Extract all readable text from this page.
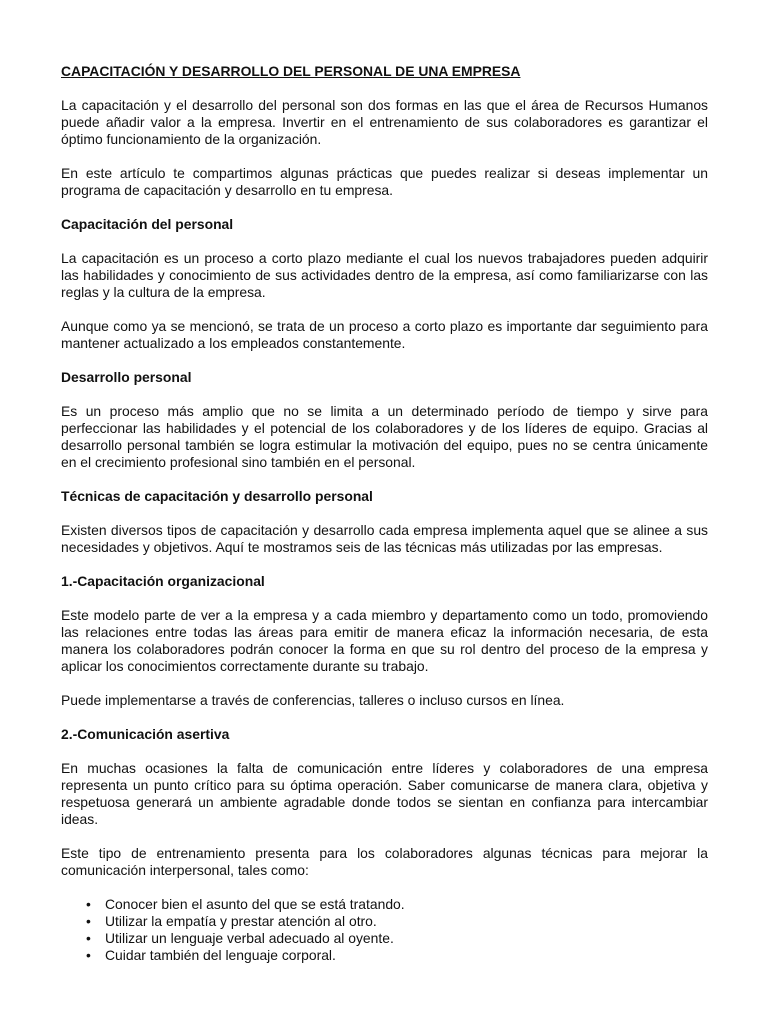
CAPACITACIÓN Y DESARROLLO DEL PERSONAL DE UNA EMPRESA

La capacitación y el desarrollo del personal son dos formas en las que el área de Recursos Humanos puede añadir valor a la empresa. Invertir en el entrenamiento de sus colaboradores es garantizar el óptimo funcionamiento de la organización.

En este artículo te compartimos algunas prácticas que puedes realizar si deseas implementar un programa de capacitación y desarrollo en tu empresa.

Capacitación del personal

La capacitación es un proceso a corto plazo mediante el cual los nuevos trabajadores pueden adquirir las habilidades y conocimiento de sus actividades dentro de la empresa, así como familiarizarse con las reglas y la cultura de la empresa.

Aunque como ya se mencionó, se trata de un proceso a corto plazo es importante dar seguimiento para mantener actualizado a los empleados constantemente.

Desarrollo personal

Es un proceso más amplio que no se limita a un determinado período de tiempo y sirve para perfeccionar las habilidades y el potencial de los colaboradores y de los líderes de equipo. Gracias al desarrollo personal también se logra estimular la motivación del equipo, pues no se centra únicamente en el crecimiento profesional sino también en el personal.

Técnicas de capacitación y desarrollo personal

Existen diversos tipos de capacitación y desarrollo cada empresa implementa aquel que se alinee a sus necesidades y objetivos. Aquí te mostramos seis de las técnicas más utilizadas por las empresas.

1.-Capacitación organizacional

Este modelo parte de ver a la empresa y a cada miembro y departamento como un todo, promoviendo las relaciones entre todas las áreas para emitir de manera eficaz la información necesaria, de esta manera los colaboradores podrán conocer la forma en que su rol dentro del proceso de la empresa y aplicar los conocimientos correctamente durante su trabajo.

Puede implementarse a través de conferencias, talleres o incluso cursos en línea.

2.-Comunicación asertiva

En muchas ocasiones la falta de comunicación entre líderes y colaboradores de una empresa representa un punto crítico para su óptima operación. Saber comunicarse de manera clara, objetiva y respetuosa generará un ambiente agradable donde todos se sientan en confianza para intercambiar ideas.

Este tipo de entrenamiento presenta para los colaboradores algunas técnicas para mejorar la comunicación interpersonal, tales como:

• Conocer bien el asunto del que se está tratando.
• Utilizar la empatía y prestar atención al otro.
• Utilizar un lenguaje verbal adecuado al oyente.
• Cuidar también del lenguaje corporal.
